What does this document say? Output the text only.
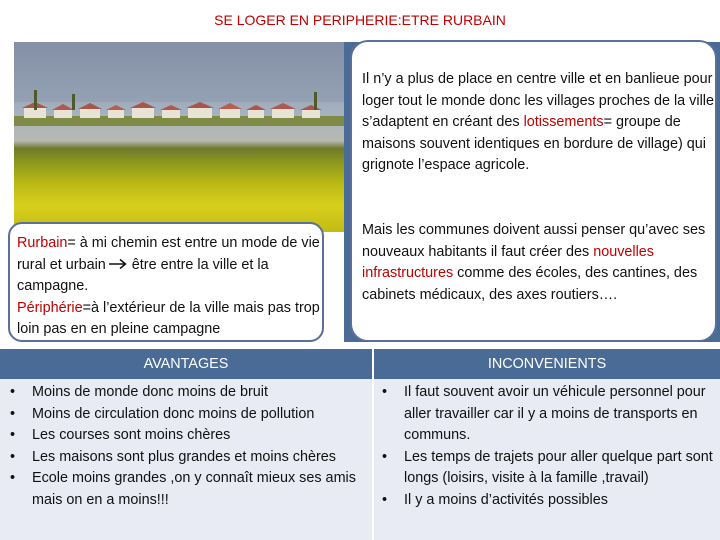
SE LOGER EN PERIPHERIE:ETRE RURBAIN

Il n’y a plus de place en centre ville et en banlieue pour loger tout le monde donc les villages proches de la ville s’adaptent en créant des lotissements= groupe de maisons souvent identiques en bordure de village) qui grignote l’espace agricole.

Mais les communes doivent aussi penser qu’avec ses nouveaux habitants il faut créer des nouvelles infrastructures comme des écoles, des cantines, des cabinets médicaux, des axes routiers….

Rurbain= à mi chemin est entre un mode de vie rural et urbain être entre la ville et la campagne.
Périphérie=à l’extérieur de la ville mais pas trop loin pas en en pleine campagne

AVANTAGES	INCONVENIENTS
• Moins de monde donc moins de bruit
• Moins de circulation donc moins de pollution
• Les courses sont moins chères
• Les maisons sont plus grandes et moins chères
• Ecole moins grandes ,on y connaît mieux ses amis mais on en a moins!!!
• Il faut souvent avoir un véhicule personnel pour aller travailler car il y a moins de transports en communs.
• Les temps de trajets pour aller quelque part sont longs (loisirs, visite à la famille ,travail)
• Il y a moins d’activités possibles
